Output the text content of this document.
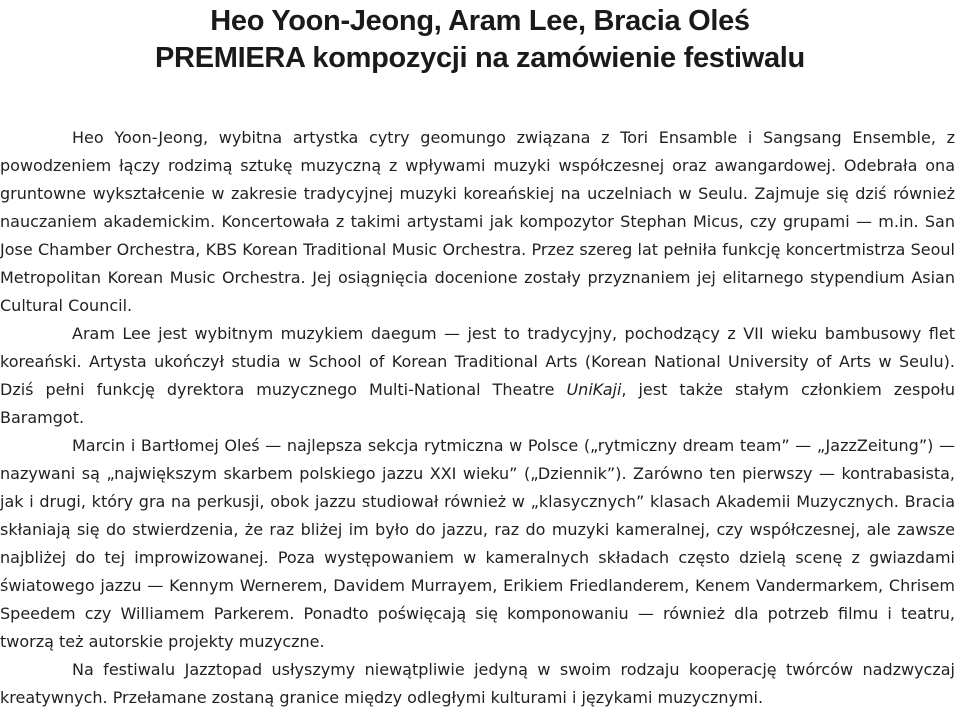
Heo Yoon-Jeong, Aram Lee, Bracia Oleś
PREMIERA kompozycji na zamówienie festiwalu

Heo Yoon-Jeong, wybitna artystka cytry geomungo związana z Tori Ensamble i Sangsang Ensemble, z powodzeniem łączy rodzimą sztukę muzyczną z wpływami muzyki współczesnej oraz awangardowej. Odebrała ona gruntowne wykształcenie w zakresie tradycyjnej muzyki koreańskiej na uczelniach w Seulu. Zajmuje się dziś również nauczaniem akademickim. Koncertowała z takimi artystami jak kompozytor Stephan Micus, czy grupami — m.in. San Jose Chamber Orchestra, KBS Korean Traditional Music Orchestra. Przez szereg lat pełniła funkcję koncertmistrza Seoul Metropolitan Korean Music Orchestra. Jej osiągnięcia docenione zostały przyznaniem jej elitarnego stypendium Asian Cultural Council.

Aram Lee jest wybitnym muzykiem daegum — jest to tradycyjny, pochodzący z VII wieku bambusowy flet koreański. Artysta ukończył studia w School of Korean Traditional Arts (Korean National University of Arts w Seulu). Dziś pełni funkcję dyrektora muzycznego Multi-National Theatre UniKaji, jest także stałym członkiem zespołu Baramgot.

Marcin i Bartłomej Oleś — najlepsza sekcja rytmiczna w Polsce („rytmiczny dream team” — „JazzZeitung”) — nazywani są „największym skarbem polskiego jazzu XXI wieku” („Dziennik”). Zarówno ten pierwszy — kontrabasista, jak i drugi, który gra na perkusji, obok jazzu studiował również w „klasycznych” klasach Akademii Muzycznych. Bracia skłaniają się do stwierdzenia, że raz bliżej im było do jazzu, raz do muzyki kameralnej, czy współczesnej, ale zawsze najbliżej do tej improwizowanej. Poza występowaniem w kameralnych składach często dzielą scenę z gwiazdami światowego jazzu — Kennym Wernerem, Davidem Murrayem, Erikiem Friedlanderem, Kenem Vandermarkem, Chrisem Speedem czy Williamem Parkerem. Ponadto poświęcają się komponowaniu — również dla potrzeb filmu i teatru, tworzą też autorskie projekty muzyczne.

Na festiwalu Jazztopad usłyszymy niewątpliwie jedyną w swoim rodzaju kooperację twórców nadzwyczaj kreatywnych. Przełamane zostaną granice między odległymi kulturami i językami muzycznymi.
